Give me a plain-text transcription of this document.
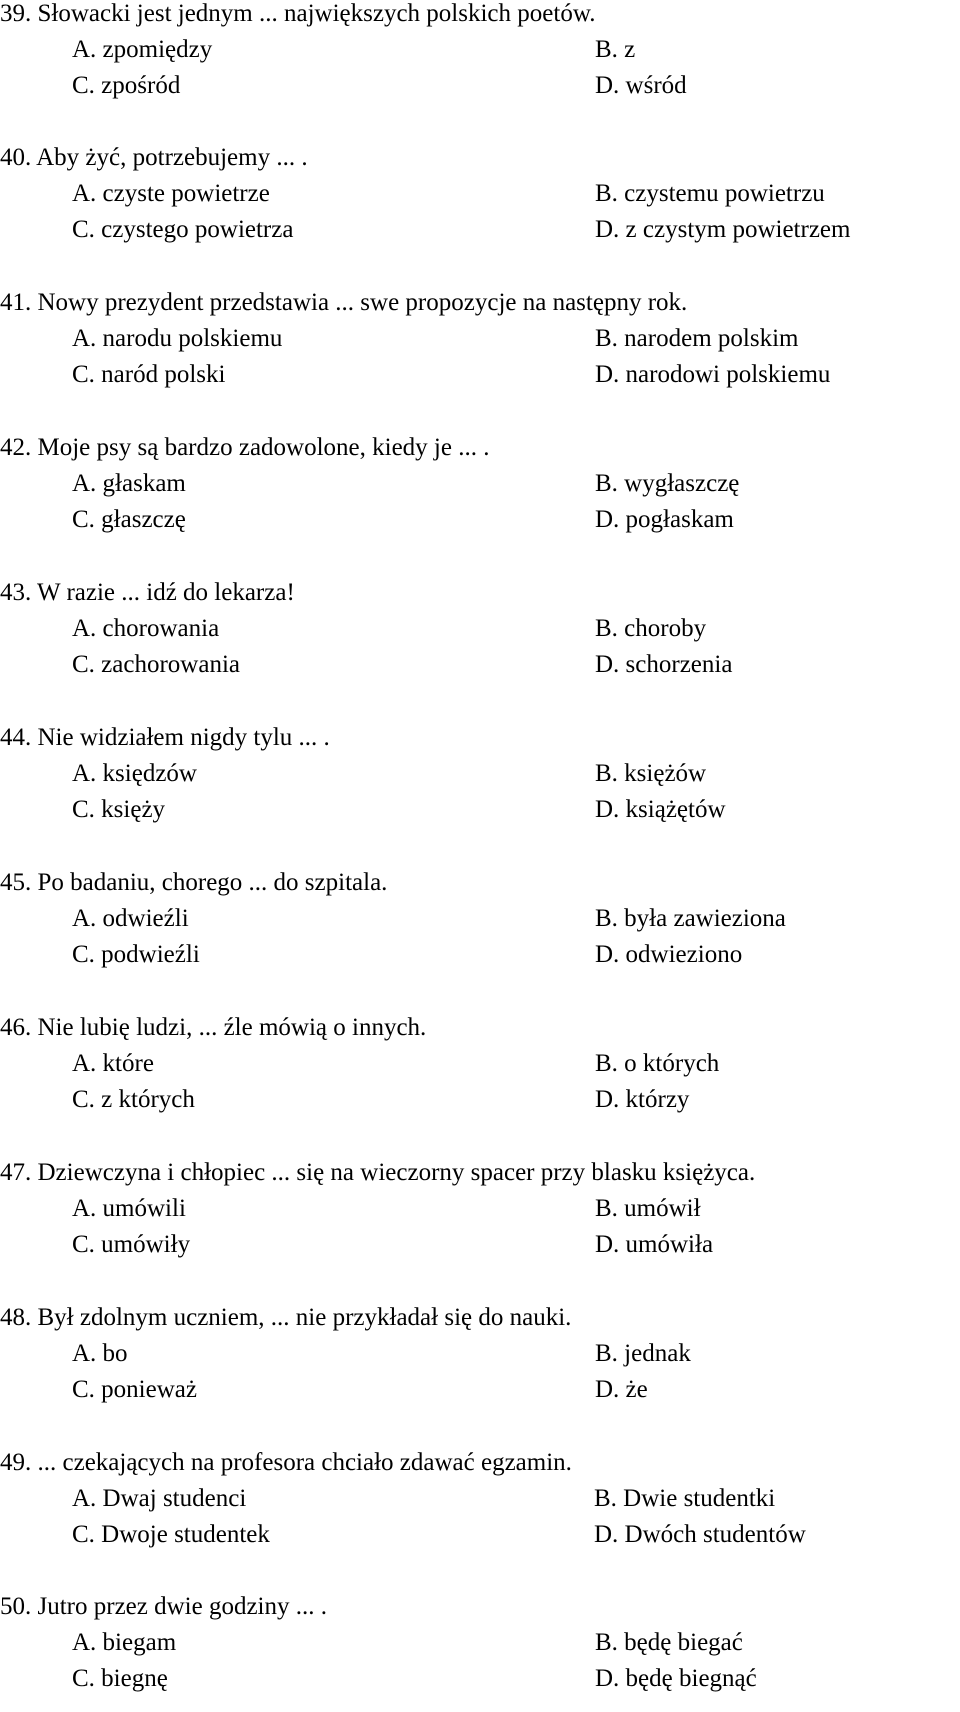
39. Słowacki jest jednym ... największych polskich poetów.
A. zpomiędzy	B. z
C. zpośród	D. wśród
40. Aby żyć, potrzebujemy ... .
A. czyste powietrze	B. czystemu powietrzu
C. czystego powietrza	D. z czystym powietrzem
41. Nowy prezydent przedstawia ... swe propozycje na następny rok.
A. narodu polskiemu	B. narodem polskim
C. naród polski	D. narodowi polskiemu
42. Moje psy są bardzo zadowolone, kiedy je ... .
A. głaskam	B. wygłaszczę
C. głaszczę	D. pogłaskam
43. W razie ... idź do lekarza!
A. chorowania	B. choroby
C. zachorowania	D. schorzenia
44. Nie widziałem nigdy tylu ... .
A. księdzów	B. księżów
C. księży	D. książętów
45. Po badaniu, chorego ... do szpitala.
A. odwieźli	B. była zawieziona
C. podwieźli	D. odwieziono
46. Nie lubię ludzi, ... źle mówią o innych.
A. które	B. o których
C. z których	D. którzy
47. Dziewczyna i chłopiec ... się na wieczorny spacer przy blasku księżyca.
A. umówili	B. umówił
C. umówiły	D. umówiła
48. Był zdolnym uczniem, ... nie przykładał się do nauki.
A. bo	B. jednak
C. ponieważ	D. że
49. ... czekających na profesora chciało zdawać egzamin.
A. Dwaj studenci	B. Dwie studentki
C. Dwoje studentek	D. Dwóch studentów
50. Jutro przez dwie godziny ... .
A. biegam	B. będę biegać
C. biegnę	D. będę biegnąć
